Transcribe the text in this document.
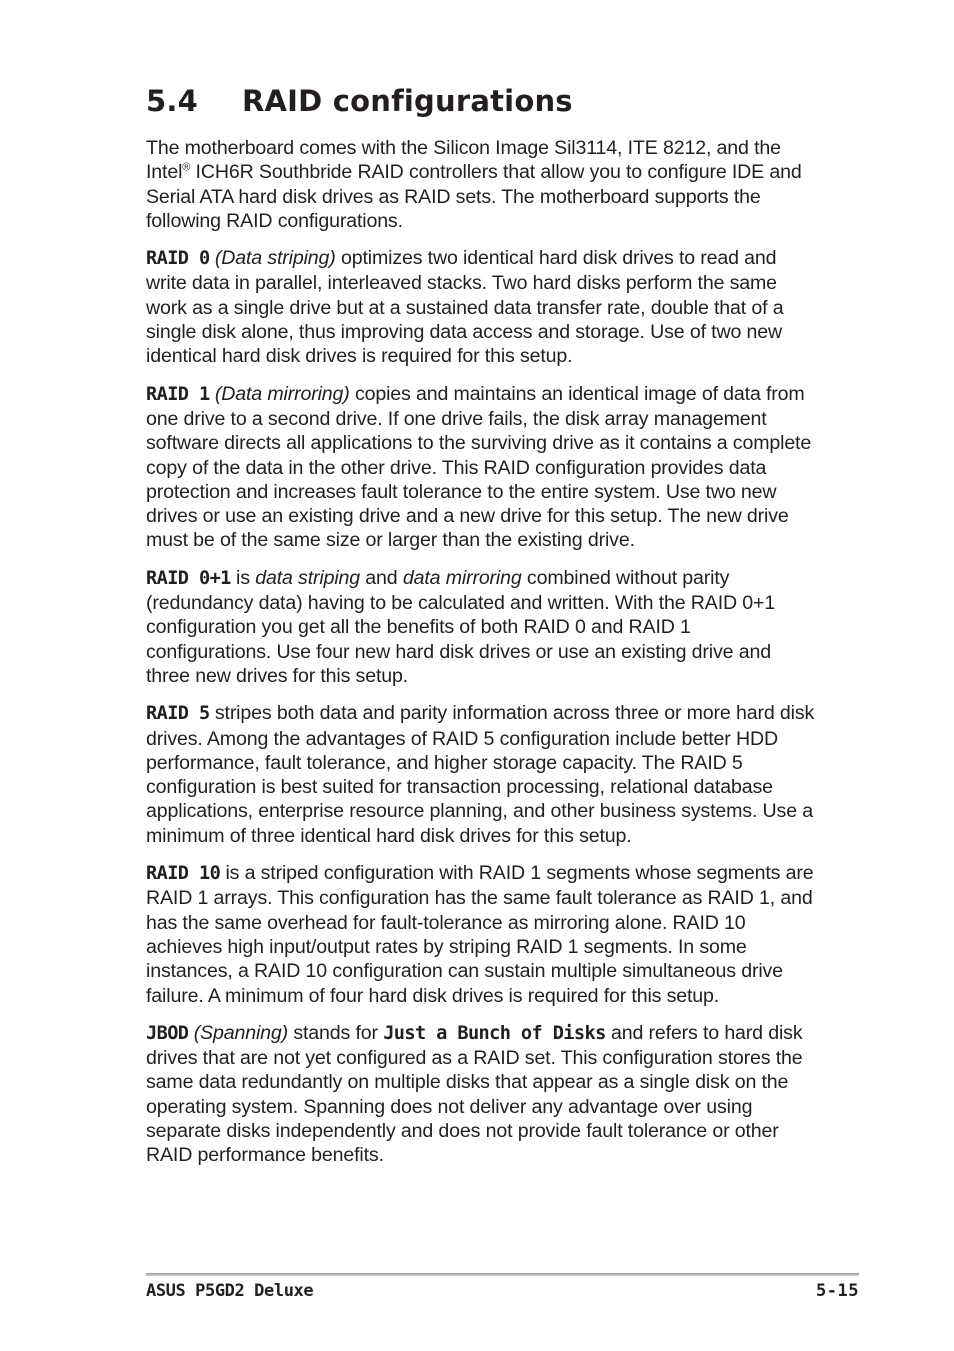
5.4 RAID configurations

The motherboard comes with the Silicon Image Sil3114, ITE 8212, and the Intel® ICH6R Southbride RAID controllers that allow you to configure IDE and Serial ATA hard disk drives as RAID sets. The motherboard supports the following RAID configurations.

RAID 0 (Data striping) optimizes two identical hard disk drives to read and write data in parallel, interleaved stacks. Two hard disks perform the same work as a single drive but at a sustained data transfer rate, double that of a single disk alone, thus improving data access and storage. Use of two new identical hard disk drives is required for this setup.

RAID 1 (Data mirroring) copies and maintains an identical image of data from one drive to a second drive. If one drive fails, the disk array management software directs all applications to the surviving drive as it contains a complete copy of the data in the other drive. This RAID configuration provides data protection and increases fault tolerance to the entire system. Use two new drives or use an existing drive and a new drive for this setup. The new drive must be of the same size or larger than the existing drive.

RAID 0+1 is data striping and data mirroring combined without parity (redundancy data) having to be calculated and written. With the RAID 0+1 configuration you get all the benefits of both RAID 0 and RAID 1 configurations. Use four new hard disk drives or use an existing drive and three new drives for this setup.

RAID 5 stripes both data and parity information across three or more hard disk drives. Among the advantages of RAID 5 configuration include better HDD performance, fault tolerance, and higher storage capacity. The RAID 5 configuration is best suited for transaction processing, relational database applications, enterprise resource planning, and other business systems. Use a minimum of three identical hard disk drives for this setup.

RAID 10 is a striped configuration with RAID 1 segments whose segments are RAID 1 arrays. This configuration has the same fault tolerance as RAID 1, and has the same overhead for fault-tolerance as mirroring alone. RAID 10 achieves high input/output rates by striping RAID 1 segments. In some instances, a RAID 10 configuration can sustain multiple simultaneous drive failure. A minimum of four hard disk drives is required for this setup.

JBOD (Spanning) stands for Just a Bunch of Disks and refers to hard disk drives that are not yet configured as a RAID set. This configuration stores the same data redundantly on multiple disks that appear as a single disk on the operating system. Spanning does not deliver any advantage over using separate disks independently and does not provide fault tolerance or other RAID performance benefits.

ASUS P5GD2 Deluxe	5-15
